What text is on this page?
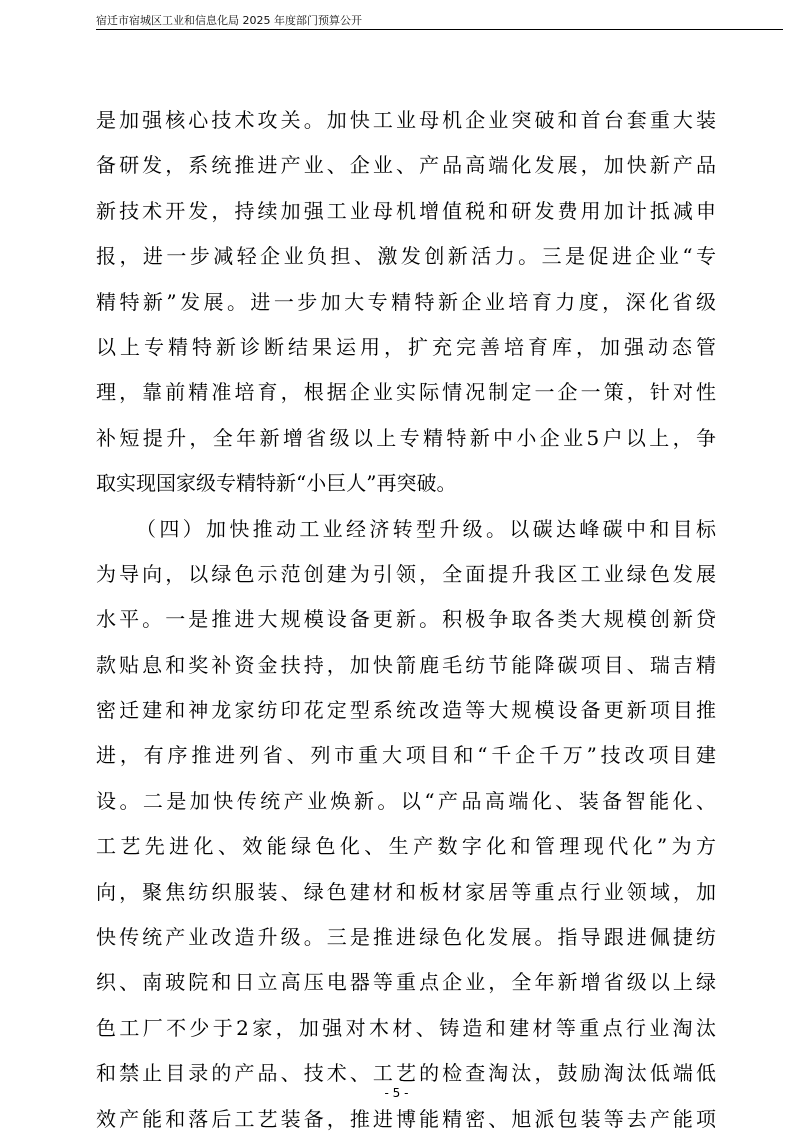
宿迁市宿城区工业和信息化局 2025 年度部门预算公开
是加强核心技术攻关。加快工业母机企业突破和首台套重大装
备研发，系统推进产业、企业、产品高端化发展，加快新产品
新技术开发，持续加强工业母机增值税和研发费用加计抵减申
报，进一步减轻企业负担、激发创新活力。三是促进企业“专
精特新”发展。进一步加大专精特新企业培育力度，深化省级
以上专精特新诊断结果运用，扩充完善培育库，加强动态管
理，靠前精准培育，根据企业实际情况制定一企一策，针对性
补短提升，全年新增省级以上专精特新中小企业5户以上，争
取实现国家级专精特新“小巨人”再突破。
（四）加快推动工业经济转型升级。以碳达峰碳中和目标
为导向，以绿色示范创建为引领，全面提升我区工业绿色发展
水平。一是推进大规模设备更新。积极争取各类大规模创新贷
款贴息和奖补资金扶持，加快箭鹿毛纺节能降碳项目、瑞吉精
密迁建和神龙家纺印花定型系统改造等大规模设备更新项目推
进，有序推进列省、列市重大项目和“千企千万”技改项目建
设。二是加快传统产业焕新。以“产品高端化、装备智能化、
工艺先进化、效能绿色化、生产数字化和管理现代化”为方
向，聚焦纺织服装、绿色建材和板材家居等重点行业领域，加
快传统产业改造升级。三是推进绿色化发展。指导跟进佩捷纺
织、南玻院和日立高压电器等重点企业，全年新增省级以上绿
色工厂不少于2家，加强对木材、铸造和建材等重点行业淘汰
和禁止目录的产品、技术、工艺的检查淘汰，鼓励淘汰低端低
效产能和落后工艺装备，推进博能精密、旭派包装等去产能项
- 5 -
